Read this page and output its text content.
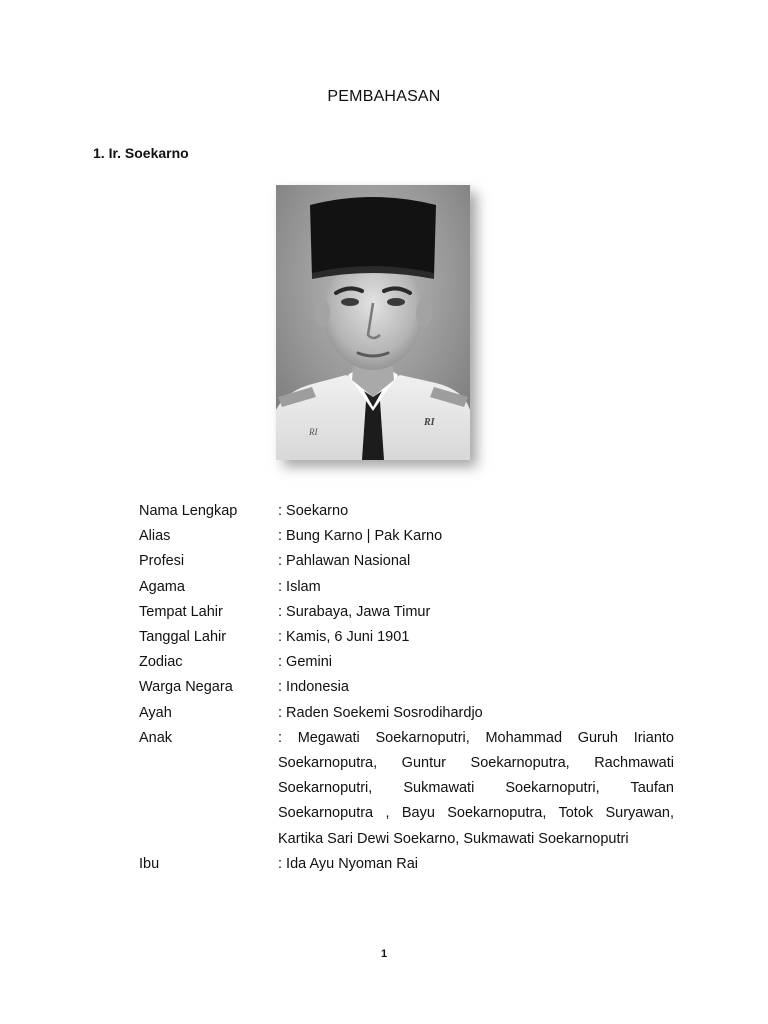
PEMBAHASAN
1. Ir. Soekarno
RI
RI
Nama Lengkap	: Soekarno
Alias	: Bung Karno | Pak Karno
Profesi	: Pahlawan Nasional
Agama	: Islam
Tempat Lahir	: Surabaya, Jawa Timur
Tanggal Lahir	: Kamis, 6 Juni 1901
Zodiac	: Gemini
Warga Negara	: Indonesia
Ayah	: Raden Soekemi Sosrodihardjo
Anak	: Megawati Soekarnoputri, Mohammad Guruh Irianto Soekarnoputra, Guntur Soekarnoputra, Rachmawati Soekarnoputri, Sukmawati Soekarnoputri, Taufan Soekarnoputra , Bayu Soekarnoputra, Totok Suryawan, Kartika Sari Dewi Soekarno, Sukmawati Soekarnoputri
Ibu	: Ida Ayu Nyoman Rai
1
